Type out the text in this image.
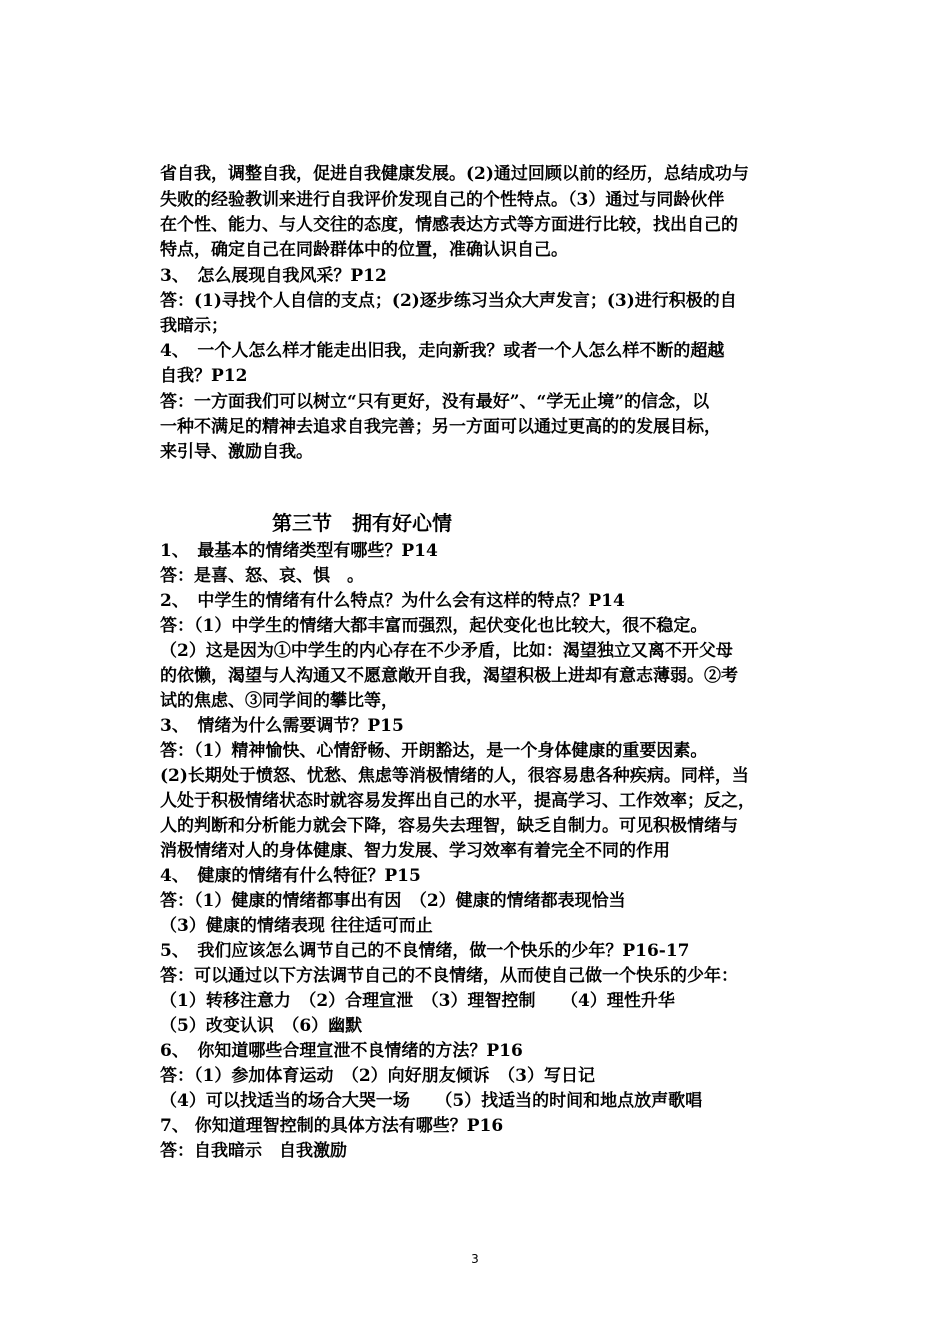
省自我，调整自我，促进自我健康发展。(2)通过回顾以前的经历，总结成功与
失败的经验教训来进行自我评价发现自己的个性特点。（3）通过与同龄伙伴
在个性、能力、与人交往的态度，情感表达方式等方面进行比较，找出自己的
特点，确定自己在同龄群体中的位置，准确认识自己。
3、　怎么展现自我风采？P12
答：(1)寻找个人自信的支点；(2)逐步练习当众大声发言；(3)进行积极的自
我暗示；
4、　一个人怎么样才能走出旧我，走向新我？或者一个人怎么样不断的超越
自我？P12
答：一方面我们可以树立“只有更好，没有最好”、“学无止境”的信念，以
一种不满足的精神去追求自我完善；另一方面可以通过更高的的发展目标，
来引导、激励自我。
1、　最基本的情绪类型有哪些？P14
答：是喜、怒、哀、惧　。
2、　中学生的情绪有什么特点？为什么会有这样的特点？P14
答：（1）中学生的情绪大都丰富而强烈，起伏变化也比较大，很不稳定。
（2）这是因为①中学生的内心存在不少矛盾，比如：渴望独立又离不开父母
的依懒，渴望与人沟通又不愿意敞开自我，渴望积极上进却有意志薄弱。②考
试的焦虑、③同学间的攀比等，
3、　情绪为什么需要调节？P15
答：（1）精神愉快、心情舒畅、开朗豁达，是一个身体健康的重要因素。
(2)长期处于愤怒、忧愁、焦虑等消极情绪的人，很容易患各种疾病。同样，当
人处于积极情绪状态时就容易发挥出自己的水平，提高学习、工作效率；反之，
人的判断和分析能力就会下降，容易失去理智，缺乏自制力。可见积极情绪与
消极情绪对人的身体健康、智力发展、学习效率有着完全不同的作用
4、　健康的情绪有什么特征？P15
答：（1）健康的情绪都事出有因　（2）健康的情绪都表现恰当
（3）健康的情绪表现 往往适可而止
5、　我们应该怎么调节自己的不良情绪，做一个快乐的少年？P16-17
答：可以通过以下方法调节自己的不良情绪，从而使自己做一个快乐的少年：
（1）转移注意力　（2）合理宣泄　（3）理智控制　　（4）理性升华
（5）改变认识　（6）幽默
6、　你知道哪些合理宣泄不良情绪的方法？P16
答：（1）参加体育运动　（2）向好朋友倾诉　（3）写日记
（4）可以找适当的场合大哭一场　　（5）找适当的时间和地点放声歌唱
7、 你知道理智控制的具体方法有哪些？P16
答：自我暗示　自我激励
第三节　拥有好心情
3
